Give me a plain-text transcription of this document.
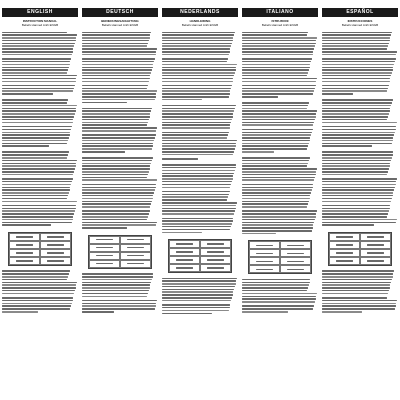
ENGLISH
INSTRUCTION MANUAL
Beliefs Hanned Anih ENGB
DEUTSCH
BEDIENUNGSANLEITUNG
Beliefs Hanned Anih ENGB
NEDERLANDS
HANDLEIDING
Beliefs Hanned Anih ENGB
ITALIANO
ISTRUZIONI
Beliefs Hanned Anih ENGB
ESPAÑOL
INSTRUCCIONES
Beliefs Hanned Anih ENGB
